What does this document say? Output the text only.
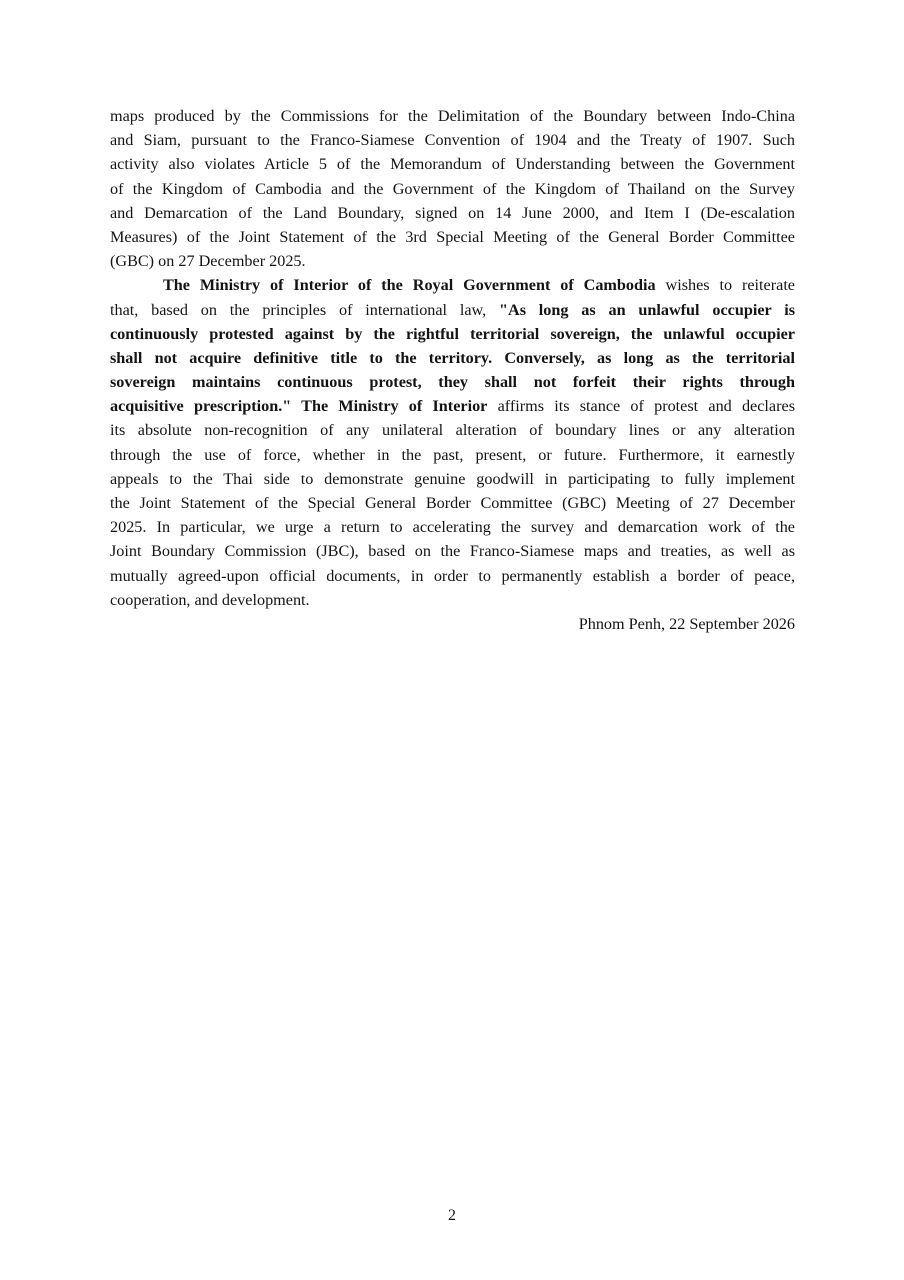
maps produced by the Commissions for the Delimitation of the Boundary between Indo-China
and Siam, pursuant to the Franco-Siamese Convention of 1904 and the Treaty of 1907. Such
activity also violates Article 5 of the Memorandum of Understanding between the Government
of the Kingdom of Cambodia and the Government of the Kingdom of Thailand on the Survey
and Demarcation of the Land Boundary, signed on 14 June 2000, and Item I (De-escalation
Measures) of the Joint Statement of the 3rd Special Meeting of the General Border Committee
(GBC) on 27 December 2025.
The Ministry of Interior of the Royal Government of Cambodia wishes to reiterate
that, based on the principles of international law, "As long as an unlawful occupier is
continuously protested against by the rightful territorial sovereign, the unlawful occupier
shall not acquire definitive title to the territory. Conversely, as long as the territorial
sovereign maintains continuous protest, they shall not forfeit their rights through
acquisitive prescription." The Ministry of Interior affirms its stance of protest and declares
its absolute non-recognition of any unilateral alteration of boundary lines or any alteration
through the use of force, whether in the past, present, or future. Furthermore, it earnestly
appeals to the Thai side to demonstrate genuine goodwill in participating to fully implement
the Joint Statement of the Special General Border Committee (GBC) Meeting of 27 December
2025. In particular, we urge a return to accelerating the survey and demarcation work of the
Joint Boundary Commission (JBC), based on the Franco-Siamese maps and treaties, as well as
mutually agreed-upon official documents, in order to permanently establish a border of peace,
cooperation, and development.
Phnom Penh, 22 September 2026
2
